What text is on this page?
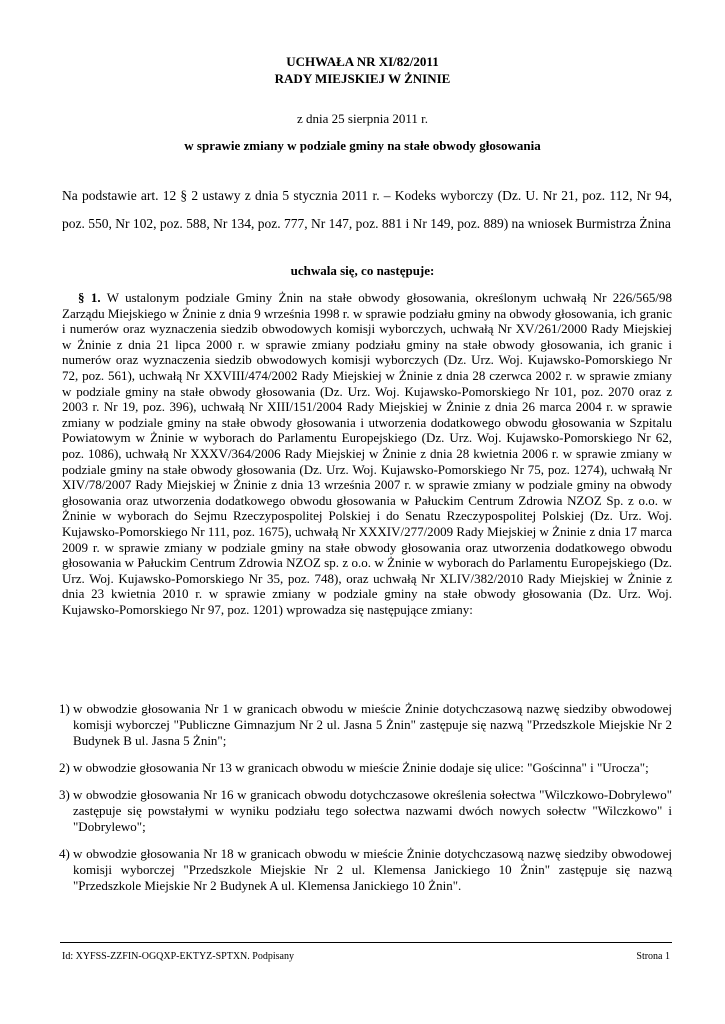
UCHWAŁA NR XI/82/2011
RADY MIEJSKIEJ W ŻNINIE
z dnia 25 sierpnia 2011 r.
w sprawie zmiany w podziale gminy na stałe obwody głosowania

Na podstawie art. 12 § 2 ustawy z dnia 5 stycznia 2011 r. – Kodeks wyborczy (Dz. U. Nr 21, poz. 112, Nr 94, poz. 550, Nr 102, poz. 588, Nr 134, poz. 777, Nr 147, poz. 881 i Nr 149, poz. 889) na wniosek Burmistrza Żnina

uchwala się, co następuje:

§ 1. W ustalonym podziale Gminy Żnin na stałe obwody głosowania, określonym uchwałą Nr 226/565/98 Zarządu Miejskiego w Żninie z dnia 9 września 1998 r. w sprawie podziału gminy na obwody głosowania, ich granic i numerów oraz wyznaczenia siedzib obwodowych komisji wyborczych, uchwałą Nr XV/261/2000 Rady Miejskiej w Żninie z dnia 21 lipca 2000 r. w sprawie zmiany podziału gminy na stałe obwody głosowania, ich granic i numerów oraz wyznaczenia siedzib obwodowych komisji wyborczych (Dz. Urz. Woj. Kujawsko-Pomorskiego Nr 72, poz. 561), uchwałą Nr XXVIII/474/2002 Rady Miejskiej w Żninie z dnia 28 czerwca 2002 r. w sprawie zmiany w podziale gminy na stałe obwody głosowania (Dz. Urz. Woj. Kujawsko-Pomorskiego Nr 101, poz. 2070 oraz z 2003 r. Nr 19, poz. 396), uchwałą Nr XIII/151/2004 Rady Miejskiej w Żninie z dnia 26 marca 2004 r. w sprawie zmiany w podziale gminy na stałe obwody głosowania i utworzenia dodatkowego obwodu głosowania w Szpitalu Powiatowym w Żninie w wyborach do Parlamentu Europejskiego (Dz. Urz. Woj. Kujawsko-Pomorskiego Nr 62, poz. 1086), uchwałą Nr XXXV/364/2006 Rady Miejskiej w Żninie z dnia 28 kwietnia 2006 r. w sprawie zmiany w podziale gminy na stałe obwody głosowania (Dz. Urz. Woj. Kujawsko-Pomorskiego Nr 75, poz. 1274), uchwałą Nr XIV/78/2007 Rady Miejskiej w Żninie z dnia 13 września 2007 r. w sprawie zmiany w podziale gminy na obwody głosowania oraz utworzenia dodatkowego obwodu głosowania w Pałuckim Centrum Zdrowia NZOZ Sp. z o.o. w Żninie w wyborach do Sejmu Rzeczypospolitej Polskiej i do Senatu Rzeczypospolitej Polskiej (Dz. Urz. Woj. Kujawsko-Pomorskiego Nr 111, poz. 1675), uchwałą Nr XXXIV/277/2009 Rady Miejskiej w Żninie z dnia 17 marca 2009 r. w sprawie zmiany w podziale gminy na stałe obwody głosowania oraz utworzenia dodatkowego obwodu głosowania w Pałuckim Centrum Zdrowia NZOZ sp. z o.o. w Żninie w wyborach do Parlamentu Europejskiego (Dz. Urz. Woj. Kujawsko-Pomorskiego Nr 35, poz. 748), oraz uchwałą Nr XLIV/382/2010 Rady Miejskiej w Żninie z dnia 23 kwietnia 2010 r. w sprawie zmiany w podziale gminy na stałe obwody głosowania (Dz. Urz. Woj. Kujawsko-Pomorskiego Nr 97, poz. 1201) wprowadza się następujące zmiany:

1) w obwodzie głosowania Nr 1 w granicach obwodu w mieście Żninie dotychczasową nazwę siedziby obwodowej komisji wyborczej "Publiczne Gimnazjum Nr 2 ul. Jasna 5 Żnin" zastępuje się nazwą "Przedszkole Miejskie Nr 2 Budynek B ul. Jasna 5 Żnin";
2) w obwodzie głosowania Nr 13 w granicach obwodu w mieście Żninie dodaje się ulice: "Gościnna" i "Urocza";
3) w obwodzie głosowania Nr 16 w granicach obwodu dotychczasowe określenia sołectwa "Wilczkowo-Dobrylewo" zastępuje się powstałymi w wyniku podziału tego sołectwa nazwami dwóch nowych sołectw "Wilczkowo" i "Dobrylewo";
4) w obwodzie głosowania Nr 18 w granicach obwodu w mieście Żninie dotychczasową nazwę siedziby obwodowej komisji wyborczej "Przedszkole Miejskie Nr 2 ul. Klemensa Janickiego 10 Żnin" zastępuje się nazwą "Przedszkole Miejskie Nr 2 Budynek A ul. Klemensa Janickiego 10 Żnin".
Id: XYFSS-ZZFIN-OGQXP-EKTYZ-SPTXN. Podpisany	Strona 1
